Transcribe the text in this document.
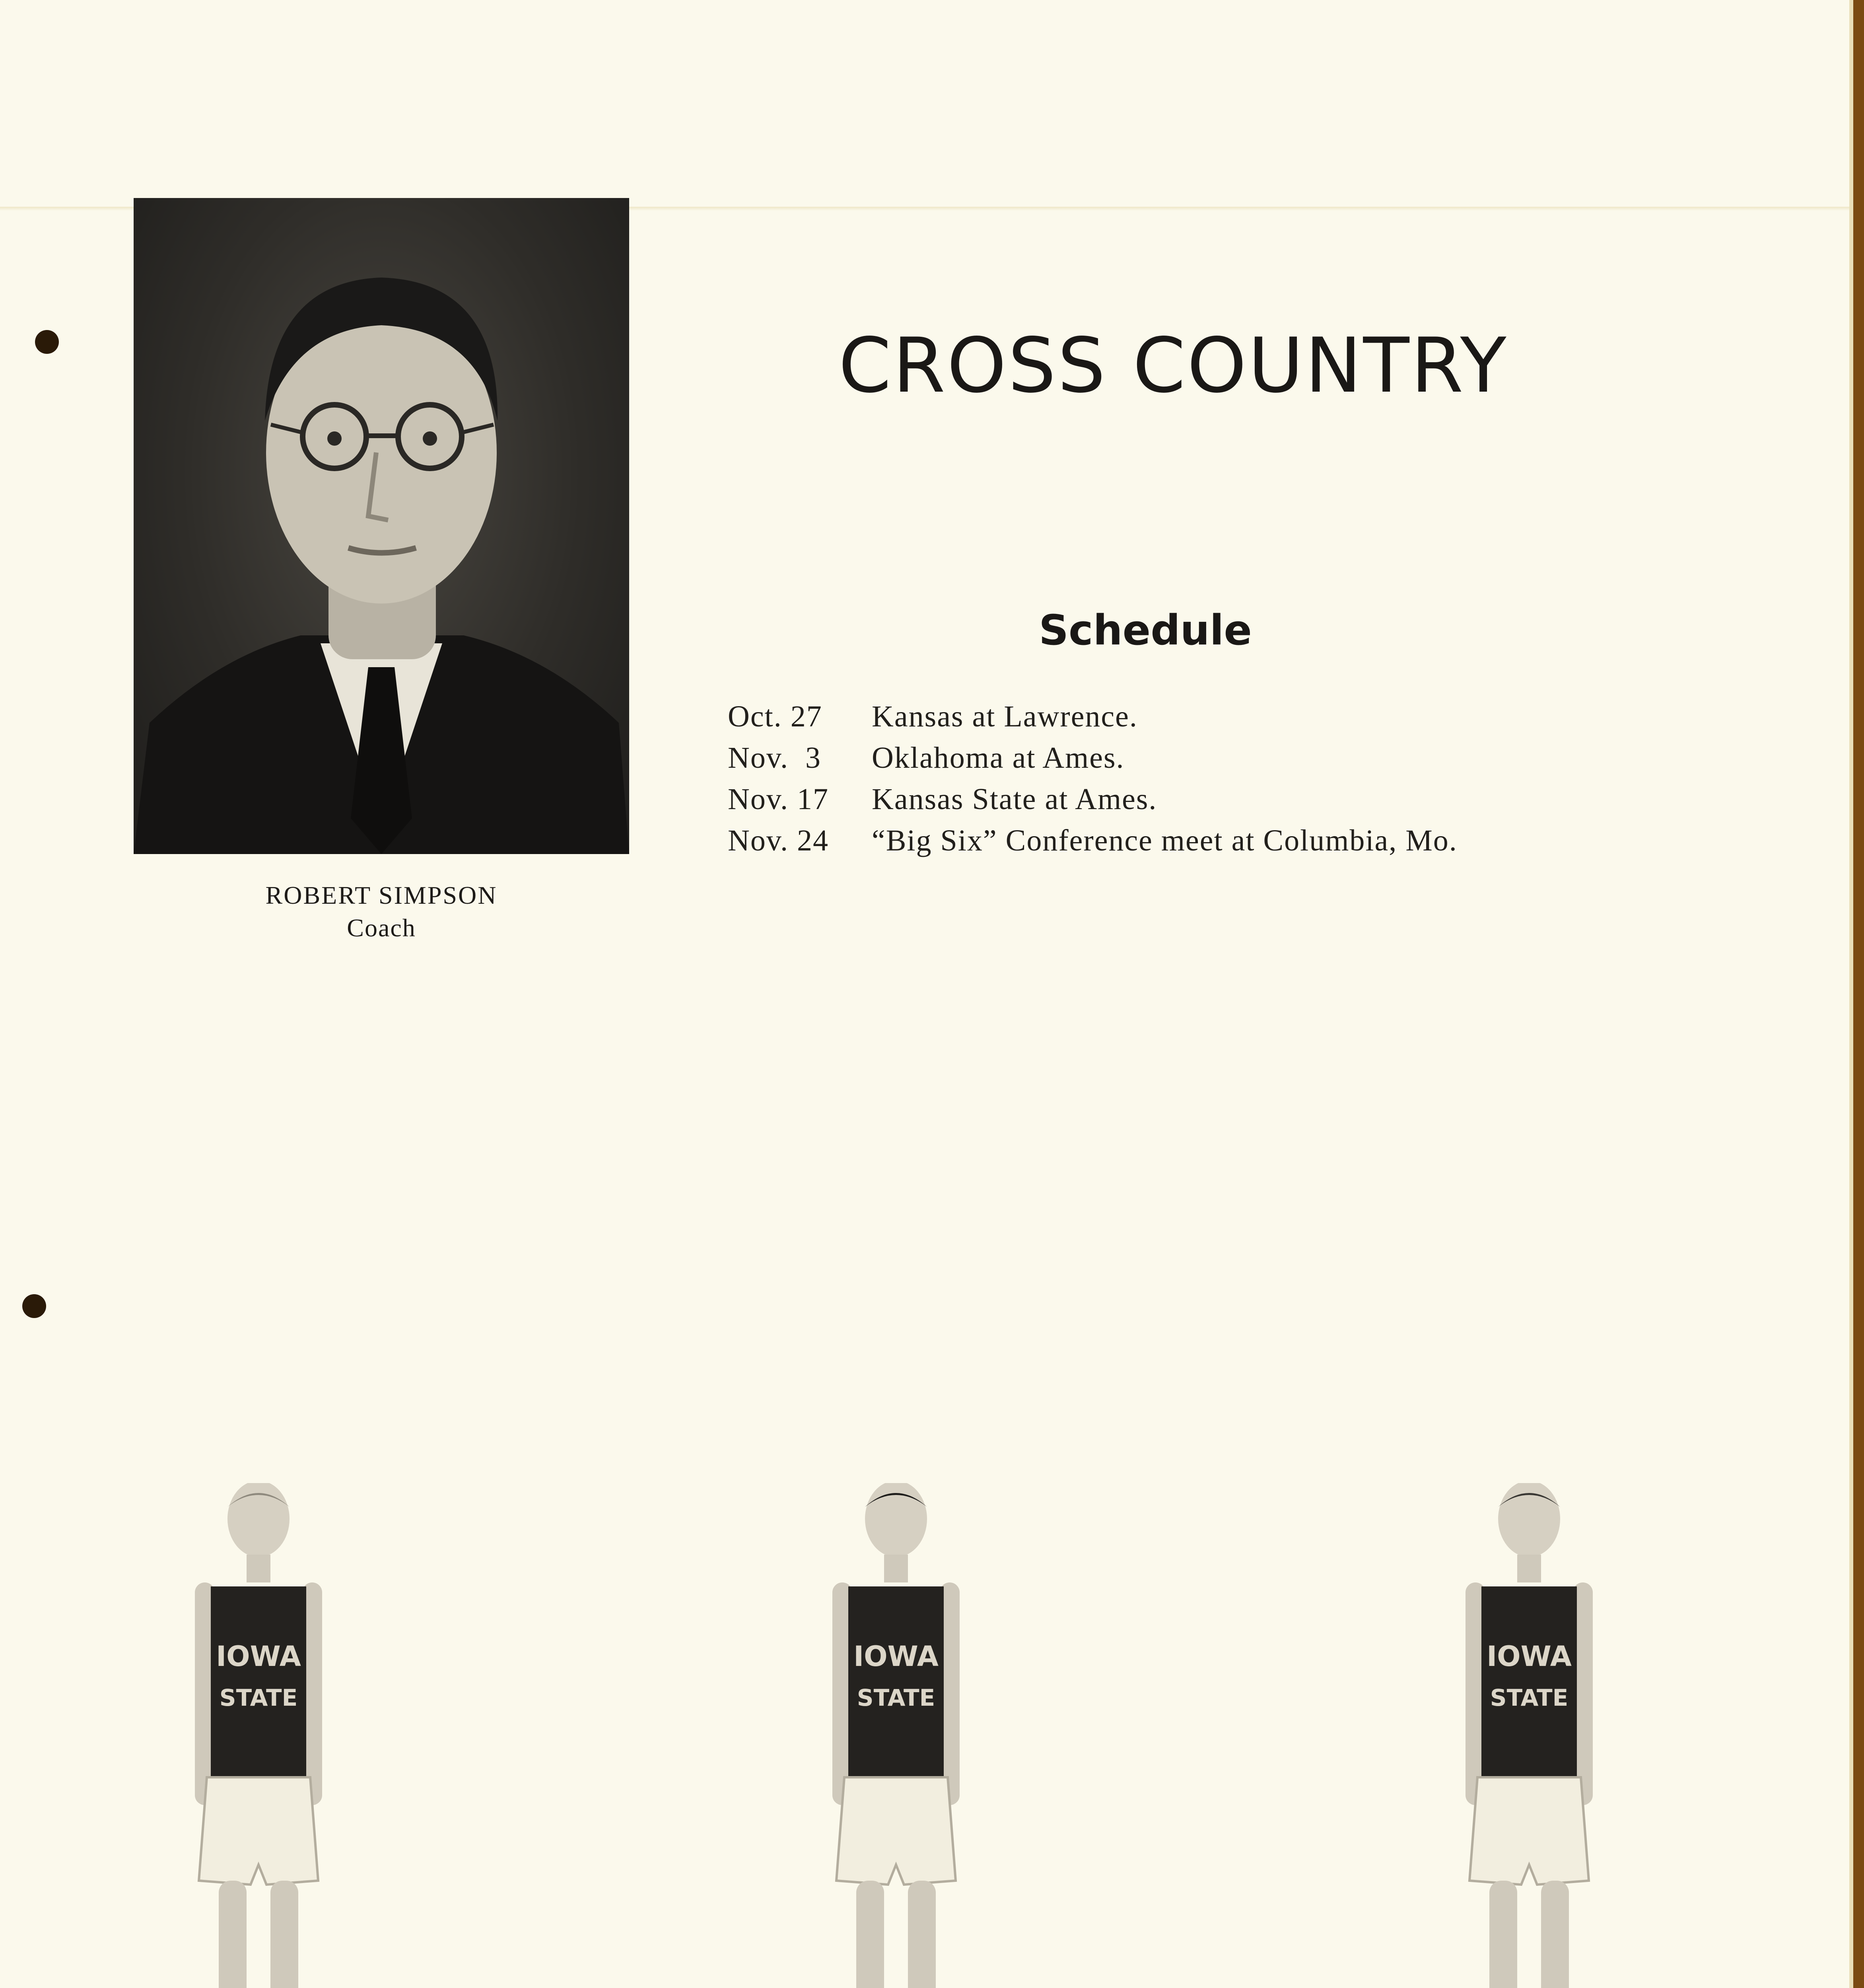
ROBERT SIMPSON
Coach
CROSS COUNTRY
Schedule
Oct. 27	Kansas at Lawrence.
Nov.  3	Oklahoma at Ames.
Nov. 17	Kansas State at Ames.
Nov. 24	“Big Six” Conference meet at Columbia, Mo.
IOWA
STATE
IOWA
STATE
IOWA
STATE
